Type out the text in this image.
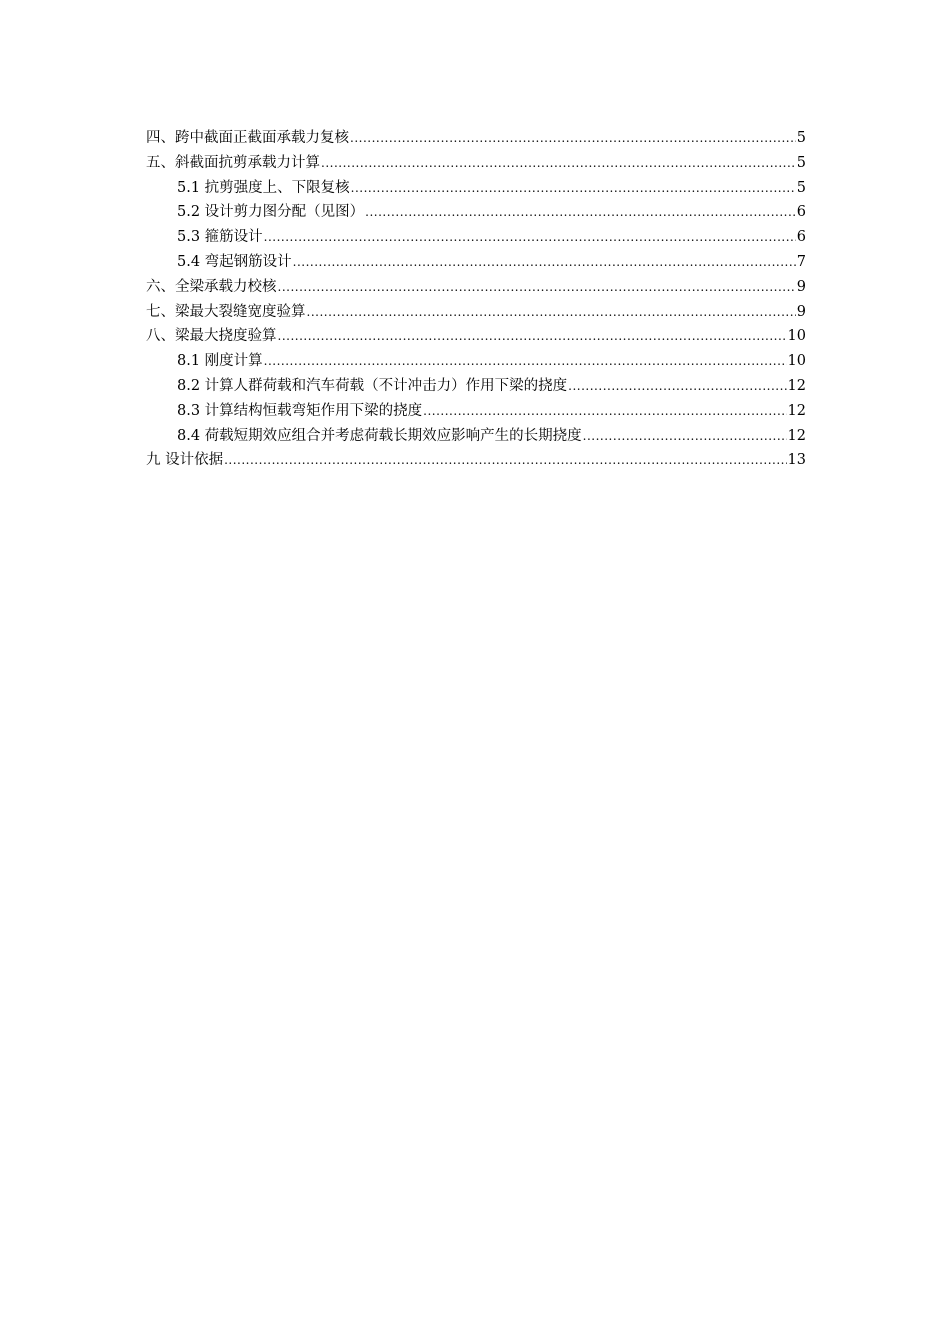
四、跨中截面正截面承载力复核 .....	5
五、斜截面抗剪承载力计算 .....	5
5.1 抗剪强度上、下限复核 .....	5
5.2 设计剪力图分配（见图） .....	6
5.3 箍筋设计 .....	6
5.4 弯起钢筋设计 .....	7
六、全梁承载力校核 .....	9
七、梁最大裂缝宽度验算 .....	9
八、梁最大挠度验算 .....	10
8.1 刚度计算 .....	10
8.2 计算人群荷载和汽车荷载（不计冲击力）作用下梁的挠度 .....	12
8.3 计算结构恒载弯矩作用下梁的挠度 .....	12
8.4 荷载短期效应组合并考虑荷载长期效应影响产生的长期挠度 .....	12
九 设计依据 .....	13
